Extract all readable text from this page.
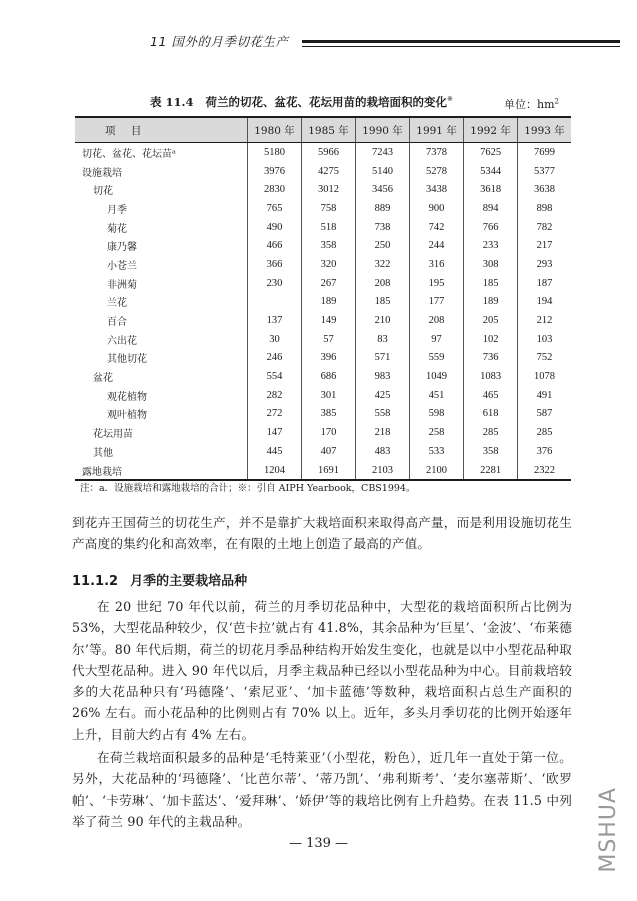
11 国外的月季切花生产
表 11.4 荷兰的切花、盆花、花坛用苗的栽培面积的变化※	单位：$hm^2$
项 目	1980 年	1985 年	1990 年	1991 年	1992 年	1993 年
切花、盆花、花坛苗ᵃ	5180	5966	7243	7378	7625	7699
设施栽培	3976	4275	5140	5278	5344	5377
切花	2830	3012	3456	3438	3618	3638
月季	765	758	889	900	894	898
菊花	490	518	738	742	766	782
康乃馨	466	358	250	244	233	217
小苍兰	366	320	322	316	308	293
非洲菊	230	267	208	195	185	187
兰花		189	185	177	189	194
百合	137	149	210	208	205	212
六出花	30	57	83	97	102	103
其他切花	246	396	571	559	736	752
盆花	554	686	983	1049	1083	1078
观花植物	282	301	425	451	465	491
观叶植物	272	385	558	598	618	587
花坛用苗	147	170	218	258	285	285
其他	445	407	483	533	358	376
露地栽培	1204	1691	2103	2100	2281	2322
注：a．设施栽培和露地栽培的合计；※：引自 AIPH Yearbook，CBS1994。

到花卉王国荷兰的切花生产，并不是靠扩大栽培面积来取得高产量，而是利用设施切花生产高度的集约化和高效率，在有限的土地上创造了最高的产值。

11.1.2 月季的主要栽培品种

在 20 世纪 70 年代以前，荷兰的月季切花品种中，大型花的栽培面积所占比例为 53%，大型花品种较少，仅‘芭卡拉’就占有 41.8%，其余品种为‘巨星’、‘金波’、‘布莱德尔’等。80 年代后期，荷兰的切花月季品种结构开始发生变化，也就是以中小型花品种取代大型花品种。进入 90 年代以后，月季主栽品种已经以小型花品种为中心。目前栽培较多的大花品种只有‘玛德隆’、‘索尼亚’、‘加卡蓝德’等数种，栽培面积占总生产面积的 26% 左右。而小花品种的比例则占有 70% 以上。近年，多头月季切花的比例开始逐年上升，目前大约占有 4% 左右。

在荷兰栽培面积最多的品种是‘毛特莱亚’（小型花，粉色），近几年一直处于第一位。另外，大花品种的‘玛德隆’、‘比芭尔蒂’、‘蒂乃凯’、‘弗利斯考’、‘麦尔塞蒂斯’、‘欧罗帕’、‘卡劳琳’、‘加卡蓝达’、‘爱拜琳’、‘娇伊’等的栽培比例有上升趋势。在表 11.5 中列举了荷兰 90 年代的主栽品种。

— 139 —	MSHUA
